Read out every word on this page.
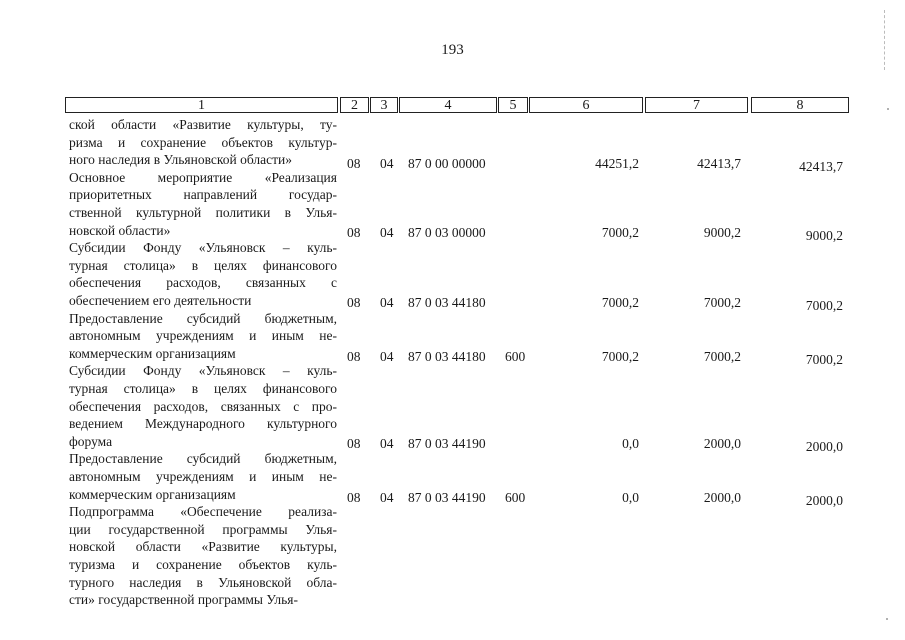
193
1	2	3	4	5	6	7	8
ской области «Развитие культуры, ту-
ризма и сохранение объектов культур-
ного наследия в Ульяновской области»	08 04 87 0 00 00000	44251,2	42413,7	42413,7
Основное мероприятие «Реализация
приоритетных направлений государ-
ственной культурной политики в Улья-
новской области»	08 04 87 0 03 00000	7000,2	9000,2	9000,2
Субсидии Фонду «Ульяновск – куль-
турная столица» в целях финансового
обеспечения расходов, связанных с
обеспечением его деятельности	08 04 87 0 03 44180	7000,2	7000,2	7000,2
Предоставление субсидий бюджетным,
автономным учреждениям и иным не-
коммерческим организациям	08 04 87 0 03 44180 600	7000,2	7000,2	7000,2
Субсидии Фонду «Ульяновск – куль-
турная столица» в целях финансового
обеспечения расходов, связанных с про-
ведением Международного культурного
форума	08 04 87 0 03 44190	0,0	2000,0	2000,0
Предоставление субсидий бюджетным,
автономным учреждениям и иным не-
коммерческим организациям	08 04 87 0 03 44190 600	0,0	2000,0	2000,0
Подпрограмма «Обеспечение реализа-
ции государственной программы Улья-
новской области «Развитие культуры,
туризма и сохранение объектов куль-
турного наследия в Ульяновской обла-
сти» государственной программы Улья-
